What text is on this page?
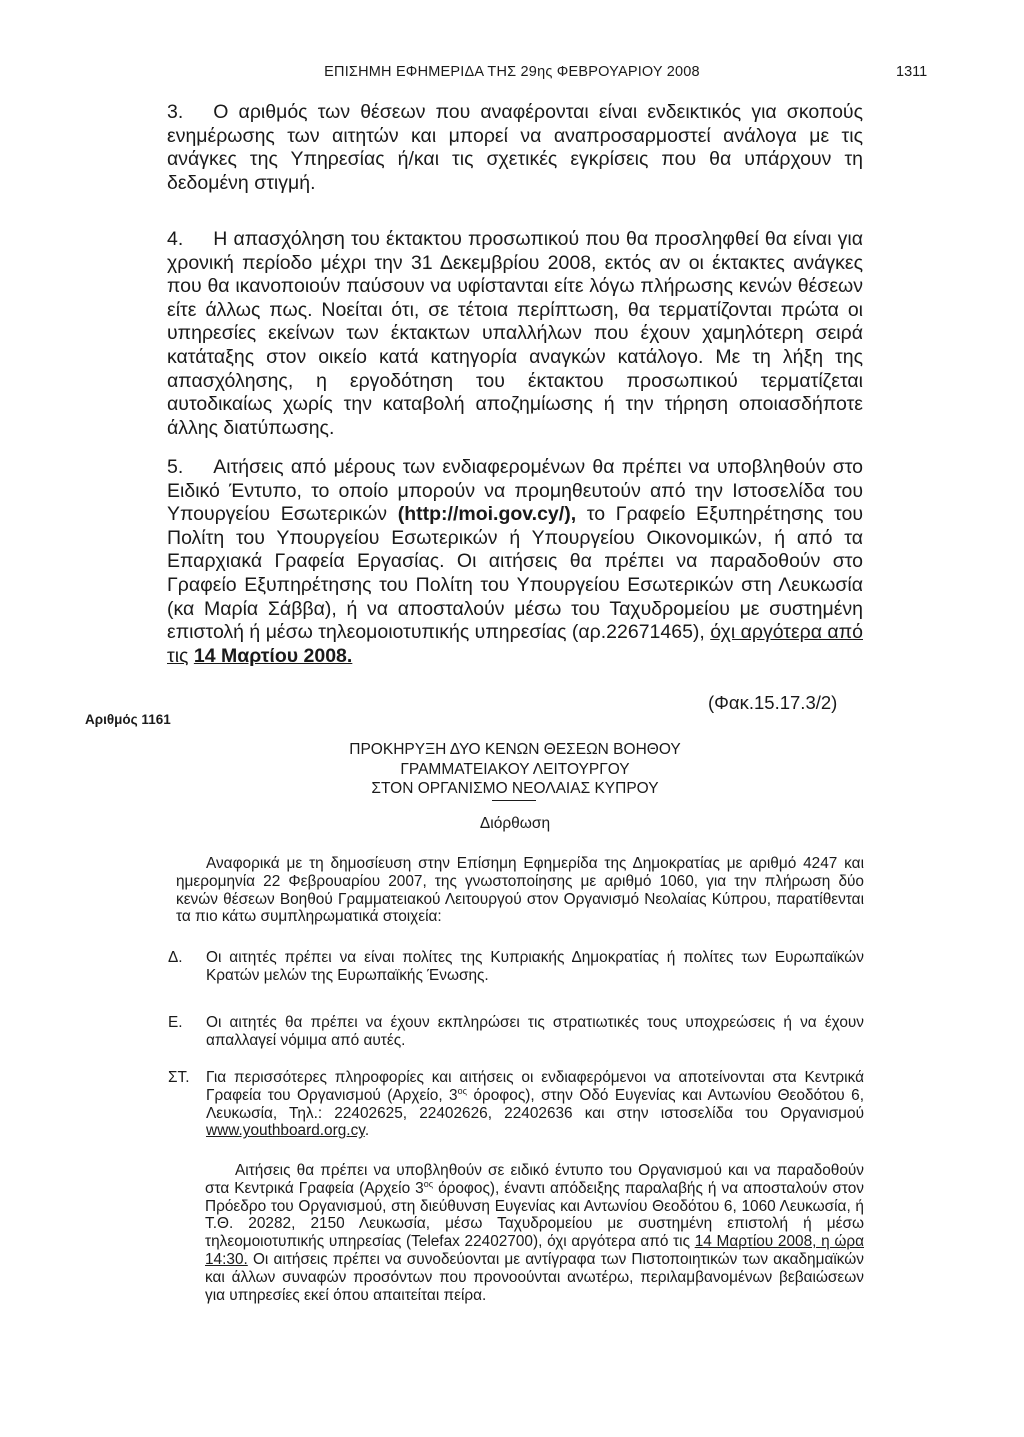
ΕΠΙΣΗΜΗ ΕΦΗΜΕΡΙΔΑ ΤΗΣ 29ης ΦΕΒΡΟΥΑΡΙΟΥ 2008	1311

3. Ο αριθμός των θέσεων που αναφέρονται είναι ενδεικτικός για σκοπούς ενημέρωσης των αιτητών και μπορεί να αναπροσαρμοστεί ανάλογα με τις ανάγκες της Υπηρεσίας ή/και τις σχετικές εγκρίσεις που θα υπάρχουν τη δεδομένη στιγμή.

4. Η απασχόληση του έκτακτου προσωπικού που θα προσληφθεί θα είναι για χρονική περίοδο μέχρι την 31 Δεκεμβρίου 2008, εκτός αν οι έκτακτες ανάγκες που θα ικανοποιούν παύσουν να υφίστανται είτε λόγω πλήρωσης κενών θέσεων είτε άλλως πως. Νοείται ότι, σε τέτοια περίπτωση, θα τερματίζονται πρώτα οι υπηρεσίες εκείνων των έκτακτων υπαλλήλων που έχουν χαμηλότερη σειρά κατάταξης στον οικείο κατά κατηγορία αναγκών κατάλογο. Με τη λήξη της απασχόλησης, η εργοδότηση του έκτακτου προσωπικού τερματίζεται αυτοδικαίως χωρίς την καταβολή αποζημίωσης ή την τήρηση οποιασδήποτε άλλης διατύπωσης.

5. Αιτήσεις από μέρους των ενδιαφερομένων θα πρέπει να υποβληθούν στο Ειδικό Έντυπο, το οποίο μπορούν να προμηθευτούν από την Ιστοσελίδα του Υπουργείου Εσωτερικών (http://moi.gov.cy/), το Γραφείο Εξυπηρέτησης του Πολίτη του Υπουργείου Εσωτερικών ή Υπουργείου Οικονομικών, ή από τα Επαρχιακά Γραφεία Εργασίας. Οι αιτήσεις θα πρέπει να παραδοθούν στο Γραφείο Εξυπηρέτησης του Πολίτη του Υπουργείου Εσωτερικών στη Λευκωσία (κα Μαρία Σάββα), ή να αποσταλούν μέσω του Ταχυδρομείου με συστημένη επιστολή ή μέσω τηλεομοιοτυπικής υπηρεσίας (αρ.22671465), όχι αργότερα από τις 14 Μαρτίου 2008.

(Φακ.15.17.3/2)
Αριθμός 1161
ΠΡΟΚΗΡΥΞΗ ΔΥΟ ΚΕΝΩΝ ΘΕΣΕΩΝ ΒΟΗΘΟΥ
ΓΡΑΜΜΑΤΕΙΑΚΟΥ ΛΕΙΤΟΥΡΓΟΥ
ΣΤΟΝ ΟΡΓΑΝΙΣΜΟ ΝΕΟΛΑΙΑΣ ΚΥΠΡΟΥ
Διόρθωση

Αναφορικά με τη δημοσίευση στην Επίσημη Εφημερίδα της Δημοκρατίας με αριθμό 4247 και ημερομηνία 22 Φεβρουαρίου 2007, της γνωστοποίησης με αριθμό 1060, για την πλήρωση δύο κενών θέσεων Βοηθού Γραμματειακού Λειτουργού στον Οργανισμό Νεολαίας Κύπρου, παρατίθενται τα πιο κάτω συμπληρωματικά στοιχεία:

Δ.	Οι αιτητές πρέπει να είναι πολίτες της Κυπριακής Δημοκρατίας ή πολίτες των Ευρωπαϊκών Κρατών μελών της Ευρωπαϊκής Ένωσης.

Ε.	Οι αιτητές θα πρέπει να έχουν εκπληρώσει τις στρατιωτικές τους υποχρεώσεις ή να έχουν απαλλαγεί νόμιμα από αυτές.

ΣΤ.	Για περισσότερες πληροφορίες και αιτήσεις οι ενδιαφερόμενοι να αποτείνονται στα Κεντρικά Γραφεία του Οργανισμού (Αρχείο, $3^{o\varsigma}$ όροφος), στην Οδό Ευγενίας και Αντωνίου Θεοδότου 6, Λευκωσία, Τηλ.: 22402625, 22402626, 22402636 και στην ιστοσελίδα του Οργανισμού www.youthboard.org.cy.

Αιτήσεις θα πρέπει να υποβληθούν σε ειδικό έντυπο του Οργανισμού και να παραδοθούν στα Κεντρικά Γραφεία (Αρχείο $3^{o\varsigma}$ όροφος), έναντι απόδειξης παραλαβής ή να αποσταλούν στον Πρόεδρο του Οργανισμού, στη διεύθυνση Ευγενίας και Αντωνίου Θεοδότου 6, 1060 Λευκωσία, ή Τ.Θ. 20282, 2150 Λευκωσία, μέσω Ταχυδρομείου με συστημένη επιστολή ή μέσω τηλεομοιοτυπικής υπηρεσίας (Telefax 22402700), όχι αργότερα από τις 14 Μαρτίου 2008, η ώρα 14:30. Οι αιτήσεις πρέπει να συνοδεύονται με αντίγραφα των Πιστοποιητικών των ακαδημαϊκών και άλλων συναφών προσόντων που προνοούνται ανωτέρω, περιλαμβανομένων βεβαιώσεων για υπηρεσίες εκεί όπου απαιτείται πείρα.
